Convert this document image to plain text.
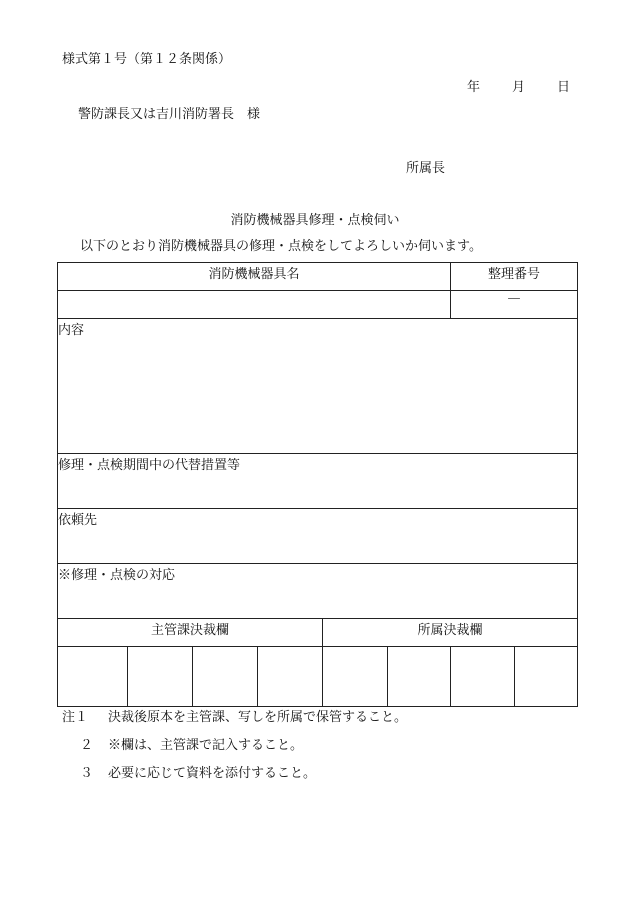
様式第１号（第１２条関係）
年 月 日
警防課長又は吉川消防署長　様
所属長
消防機械器具修理・点検伺い
以下のとおり消防機械器具の修理・点検をしてよろしいか伺います。
消防機械器具名						整理番号	
						—	
内容							
修理・点検期間中の代替措置等							
依頼先							
※修理・点検の対応							
主管課決裁欄				所属決裁欄			

注１ 決裁後原本を主管課、写しを所属で保管すること。
２ ※欄は、主管課で記入すること。
３ 必要に応じて資料を添付すること。
